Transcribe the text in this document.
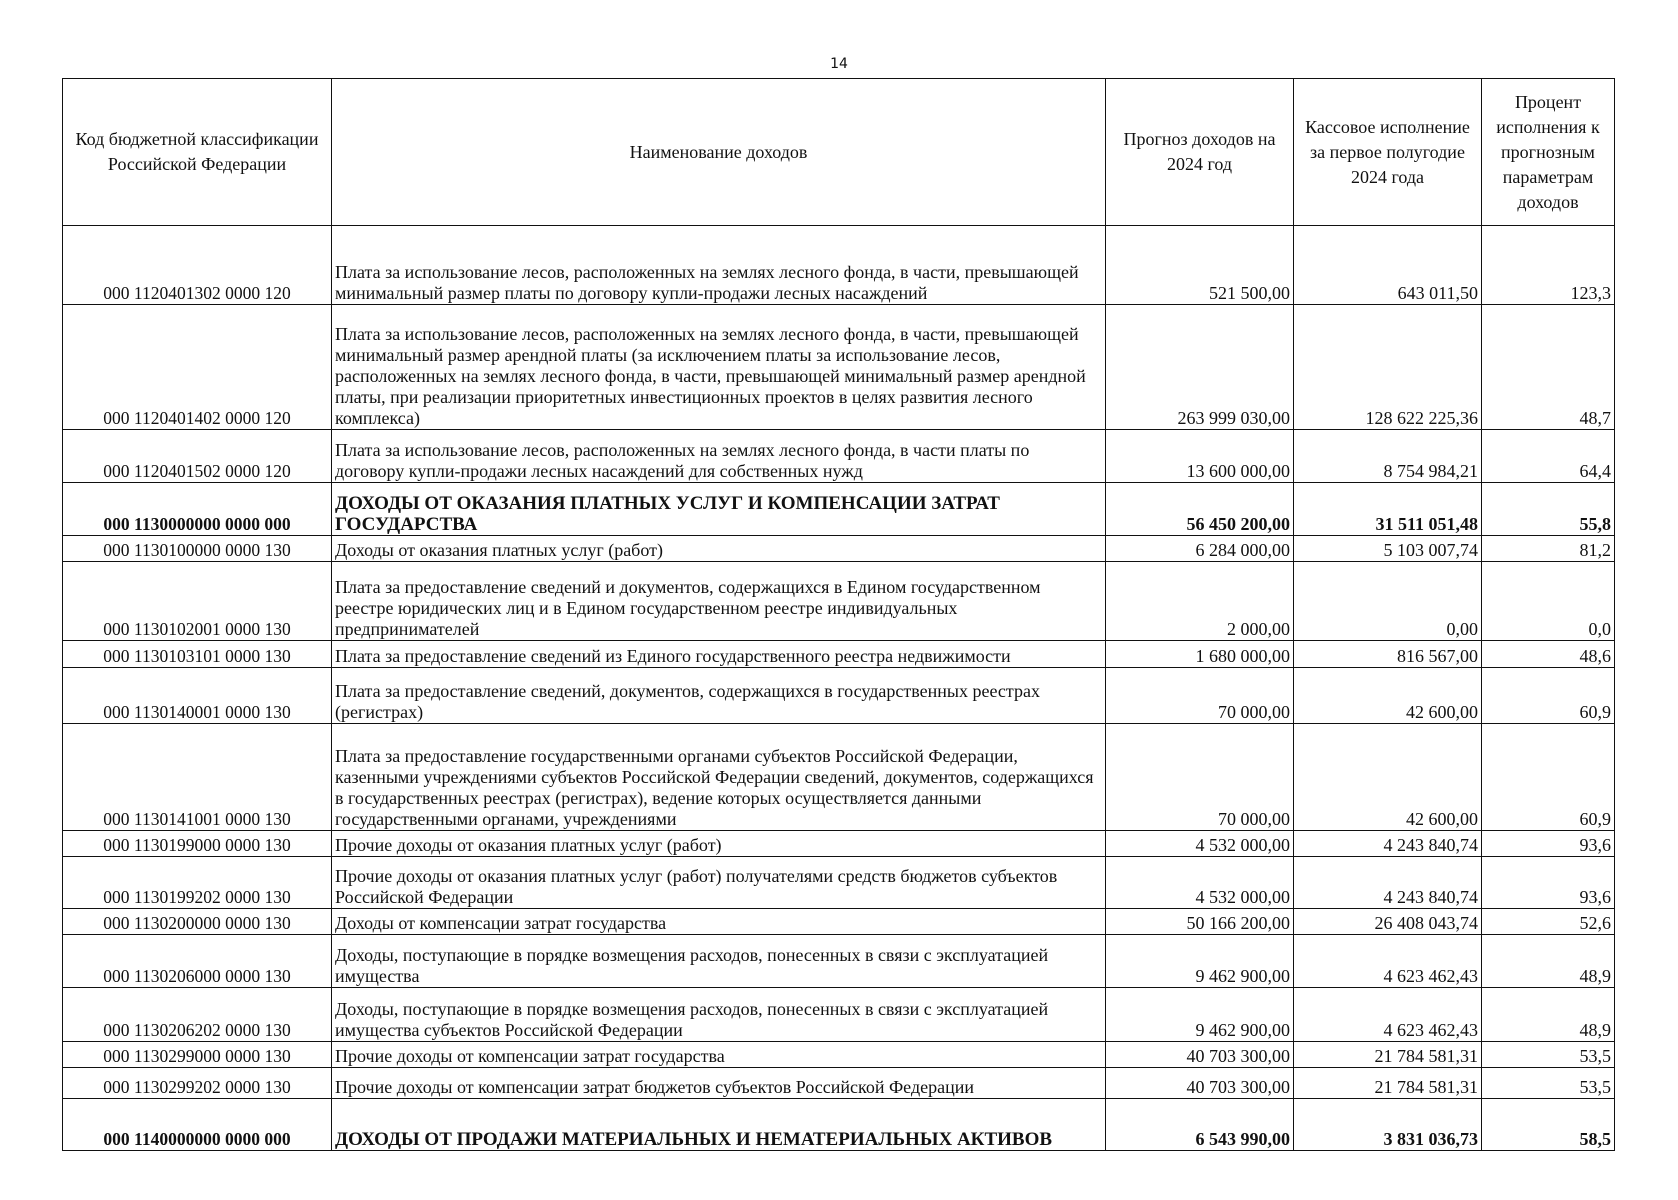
14
Код бюджетной классификации Российской Федерации	Наименование доходов	Прогноз доходов на 2024 год	Кассовое исполнение за первое полугодие 2024 года	Процент исполнения к прогнозным параметрам доходов
000 1120401302 0000 120	Плата за использование лесов, расположенных на землях лесного фонда, в части, превышающей минимальный размер платы по договору купли-продажи лесных насаждений	521 500,00	643 011,50	123,3
000 1120401402 0000 120	Плата за использование лесов, расположенных на землях лесного фонда, в части, превышающей минимальный размер арендной платы (за исключением платы за использование лесов, расположенных на землях лесного фонда, в части, превышающей минимальный размер арендной платы, при реализации приоритетных инвестиционных проектов в целях развития лесного комплекса)	263 999 030,00	128 622 225,36	48,7
000 1120401502 0000 120	Плата за использование лесов, расположенных на землях лесного фонда, в части платы по договору купли-продажи лесных насаждений для собственных нужд	13 600 000,00	8 754 984,21	64,4
000 1130000000 0000 000	ДОХОДЫ ОТ ОКАЗАНИЯ ПЛАТНЫХ УСЛУГ И КОМПЕНСАЦИИ ЗАТРАТ ГОСУДАРСТВА	56 450 200,00	31 511 051,48	55,8
000 1130100000 0000 130	Доходы от оказания платных услуг (работ)	6 284 000,00	5 103 007,74	81,2
000 1130102001 0000 130	Плата за предоставление сведений и документов, содержащихся в Едином государственном реестре юридических лиц и в Едином государственном реестре индивидуальных предпринимателей	2 000,00	0,00	0,0
000 1130103101 0000 130	Плата за предоставление сведений из Единого государственного реестра недвижимости	1 680 000,00	816 567,00	48,6
000 1130140001 0000 130	Плата за предоставление сведений, документов, содержащихся в государственных реестрах (регистрах)	70 000,00	42 600,00	60,9
000 1130141001 0000 130	Плата за предоставление государственными органами субъектов Российской Федерации, казенными учреждениями субъектов Российской Федерации сведений, документов, содержащихся в государственных реестрах (регистрах), ведение которых осуществляется данными государственными органами, учреждениями	70 000,00	42 600,00	60,9
000 1130199000 0000 130	Прочие доходы от оказания платных услуг (работ)	4 532 000,00	4 243 840,74	93,6
000 1130199202 0000 130	Прочие доходы от оказания платных услуг (работ) получателями средств бюджетов субъектов Российской Федерации	4 532 000,00	4 243 840,74	93,6
000 1130200000 0000 130	Доходы от компенсации затрат государства	50 166 200,00	26 408 043,74	52,6
000 1130206000 0000 130	Доходы, поступающие в порядке возмещения расходов, понесенных в связи с эксплуатацией имущества	9 462 900,00	4 623 462,43	48,9
000 1130206202 0000 130	Доходы, поступающие в порядке возмещения расходов, понесенных в связи с эксплуатацией имущества субъектов Российской Федерации	9 462 900,00	4 623 462,43	48,9
000 1130299000 0000 130	Прочие доходы от компенсации затрат государства	40 703 300,00	21 784 581,31	53,5
000 1130299202 0000 130	Прочие доходы от компенсации затрат бюджетов субъектов Российской Федерации	40 703 300,00	21 784 581,31	53,5
000 1140000000 0000 000	ДОХОДЫ ОТ ПРОДАЖИ МАТЕРИАЛЬНЫХ И НЕМАТЕРИАЛЬНЫХ АКТИВОВ	6 543 990,00	3 831 036,73	58,5
